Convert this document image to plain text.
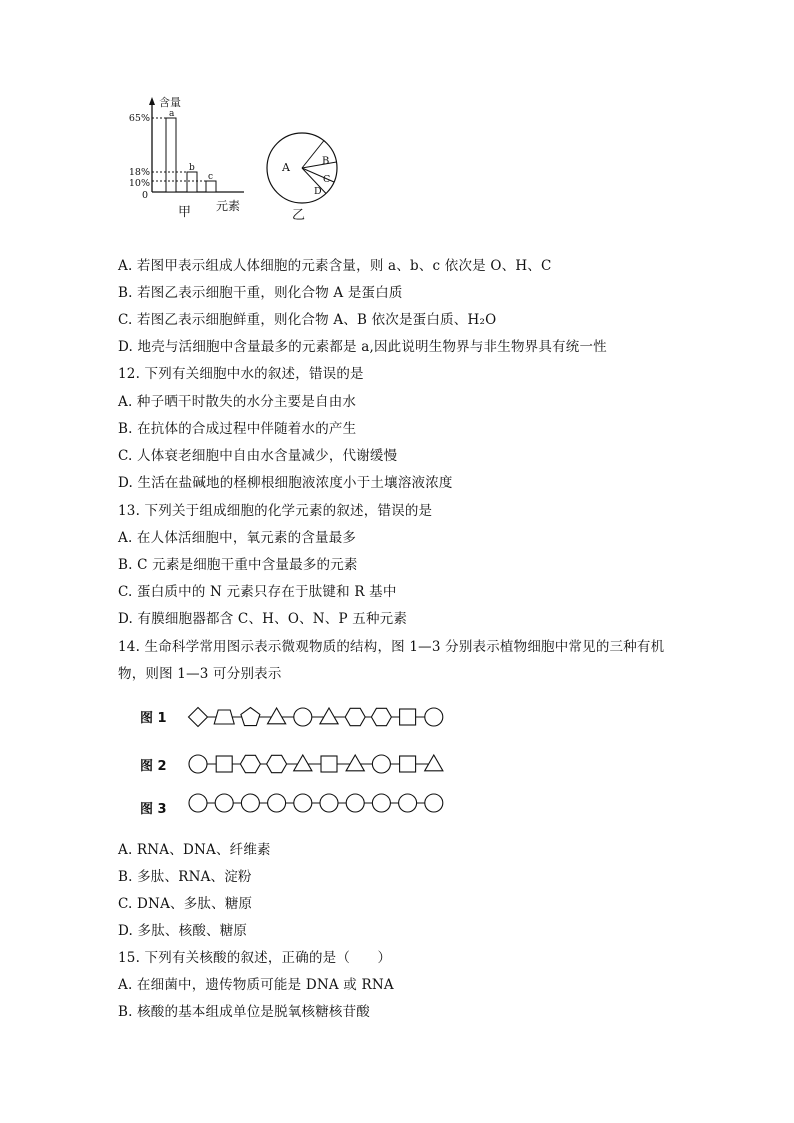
65%
18%
10%
0
含量
a
b
c
元素
甲
A	B
C
D
乙
A. 若图甲表示组成人体细胞的元素含量，则 a、b、c 依次是 O、H、C
B. 若图乙表示细胞干重，则化合物 A 是蛋白质
C. 若图乙表示细胞鲜重，则化合物 A、B 依次是蛋白质、H₂O
D. 地壳与活细胞中含量最多的元素都是 a,因此说明生物界与非生物界具有统一性
12. 下列有关细胞中水的叙述，错误的是
A. 种子晒干时散失的水分主要是自由水
B. 在抗体的合成过程中伴随着水的产生
C. 人体衰老细胞中自由水含量减少，代谢缓慢
D. 生活在盐碱地的柽柳根细胞液浓度小于土壤溶液浓度
13. 下列关于组成细胞的化学元素的叙述，错误的是
A. 在人体活细胞中，氧元素的含量最多
B. C 元素是细胞干重中含量最多的元素
C. 蛋白质中的 N 元素只存在于肽键和 R 基中
D. 有膜细胞器都含 C、H、O、N、P 五种元素
14. 生命科学常用图示表示微观物质的结构，图 1—3 分别表示植物细胞中常见的三种有机
物，则图 1—3 可分别表示
图 1
图 2
图 3
A. RNA、DNA、纤维素
B. 多肽、RNA、淀粉
C. DNA、多肽、糖原
D. 多肽、核酸、糖原
15. 下列有关核酸的叙述，正确的是（　　）
A. 在细菌中，遗传物质可能是 DNA 或 RNA
B. 核酸的基本组成单位是脱氧核糖核苷酸
